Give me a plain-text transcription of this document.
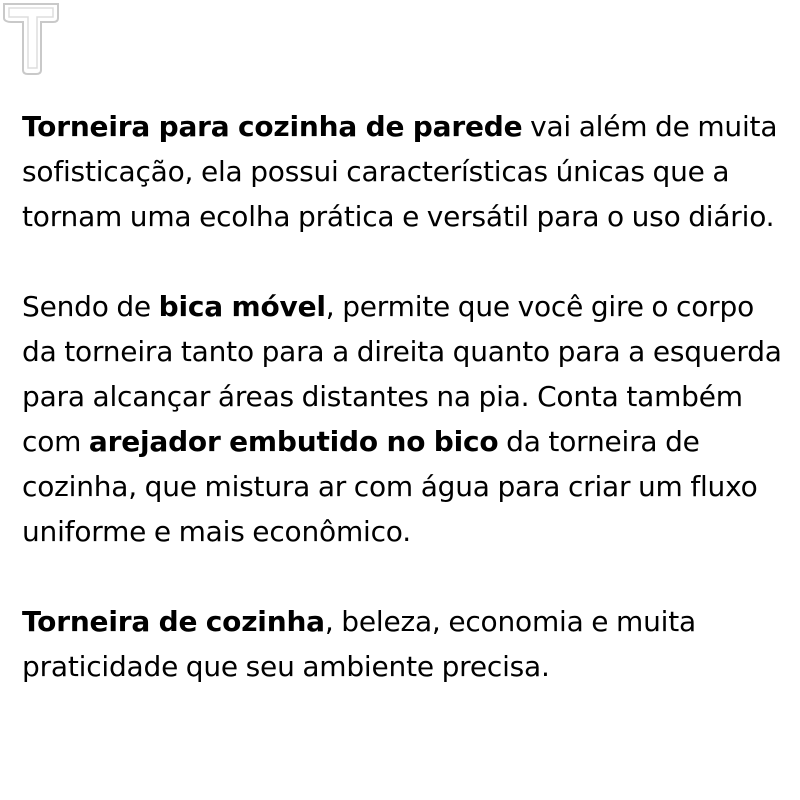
Torneira para cozinha de parede vai além de muita sofisticação, ela possui características únicas que a tornam uma ecolha prática e versátil para o uso diário.

Sendo de bica móvel, permite que você gire o corpo da torneira tanto para a direita quanto para a esquerda para alcançar áreas distantes na pia. Conta também com arejador embutido no bico da torneira de cozinha, que mistura ar com água para criar um fluxo uniforme e mais econômico.

Torneira de cozinha, beleza, economia e muita praticidade que seu ambiente precisa.
